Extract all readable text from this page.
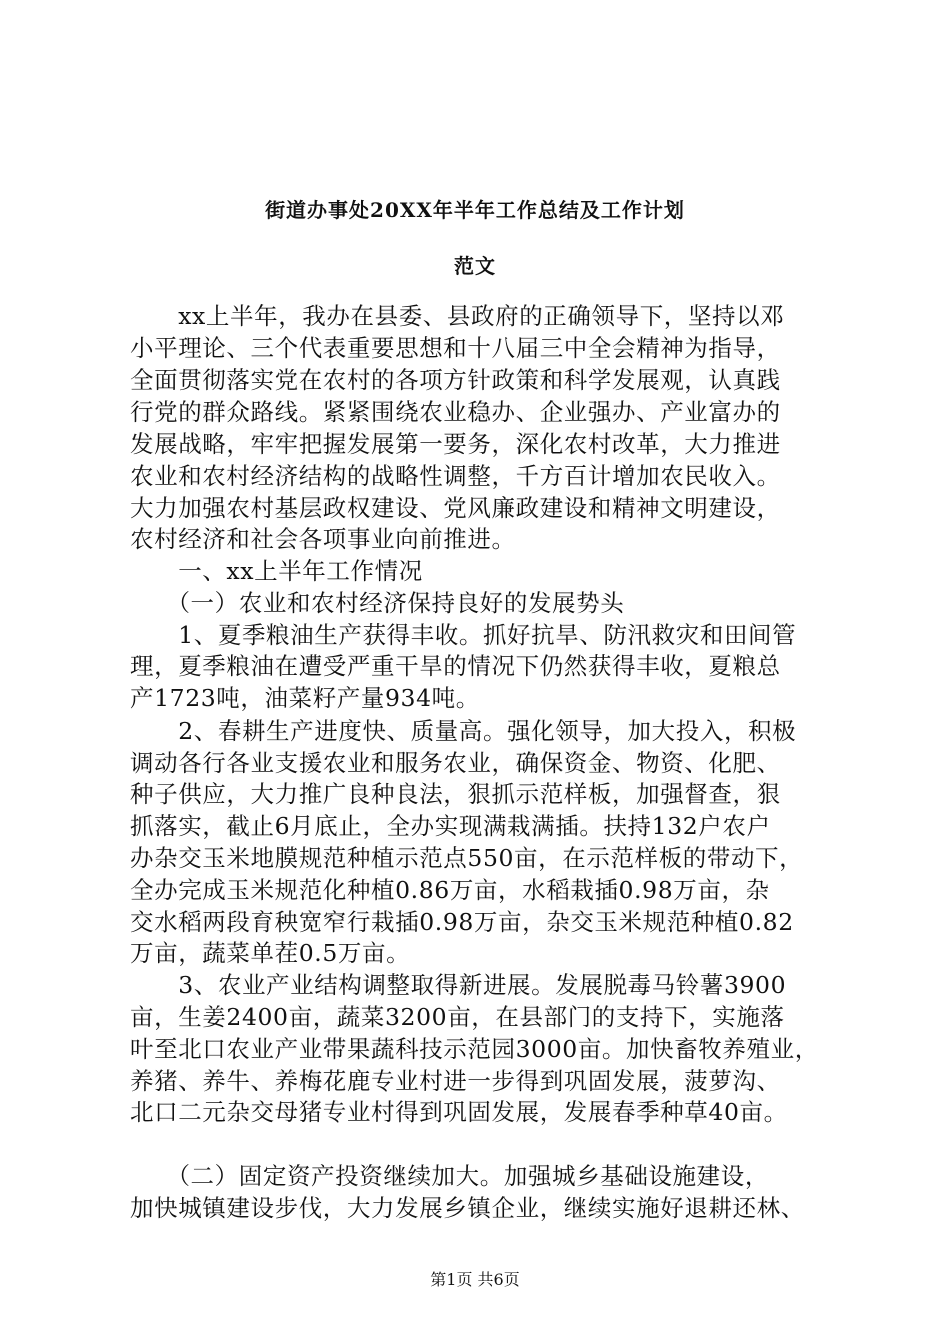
街道办事处20XX年半年工作总结及工作计划
范文
　　xx上半年，我办在县委、县政府的正确领导下，坚持以邓
小平理论、三个代表重要思想和十八届三中全会精神为指导，
全面贯彻落实党在农村的各项方针政策和科学发展观，认真践
行党的群众路线。紧紧围绕农业稳办、企业强办、产业富办的
发展战略，牢牢把握发展第一要务，深化农村改革，大力推进
农业和农村经济结构的战略性调整，千方百计增加农民收入。
大力加强农村基层政权建设、党风廉政建设和精神文明建设，
农村经济和社会各项事业向前推进。
　　一、xx上半年工作情况
　　（一）农业和农村经济保持良好的发展势头
　　1、夏季粮油生产获得丰收。抓好抗旱、防汛救灾和田间管
理，夏季粮油在遭受严重干旱的情况下仍然获得丰收，夏粮总
产1723吨，油菜籽产量934吨。
　　2、春耕生产进度快、质量高。强化领导，加大投入，积极
调动各行各业支援农业和服务农业，确保资金、物资、化肥、
种子供应，大力推广良种良法，狠抓示范样板，加强督查，狠
抓落实，截止6月底止，全办实现满栽满插。扶持132户农户
办杂交玉米地膜规范种植示范点550亩，在示范样板的带动下，
全办完成玉米规范化种植0.86万亩，水稻栽插0.98万亩，杂
交水稻两段育秧宽窄行栽插0.98万亩，杂交玉米规范种植0.82
万亩，蔬菜单茬0.5万亩。
　　3、农业产业结构调整取得新进展。发展脱毒马铃薯3900
亩，生姜2400亩，蔬菜3200亩，在县部门的支持下，实施落
叶至北口农业产业带果蔬科技示范园3000亩。加快畜牧养殖业，
养猪、养牛、养梅花鹿专业村进一步得到巩固发展，菠萝沟、
北口二元杂交母猪专业村得到巩固发展，发展春季种草40亩。
　　（二）固定资产投资继续加大。加强城乡基础设施建设，
加快城镇建设步伐，大力发展乡镇企业，继续实施好退耕还林、
第1页 共6页
